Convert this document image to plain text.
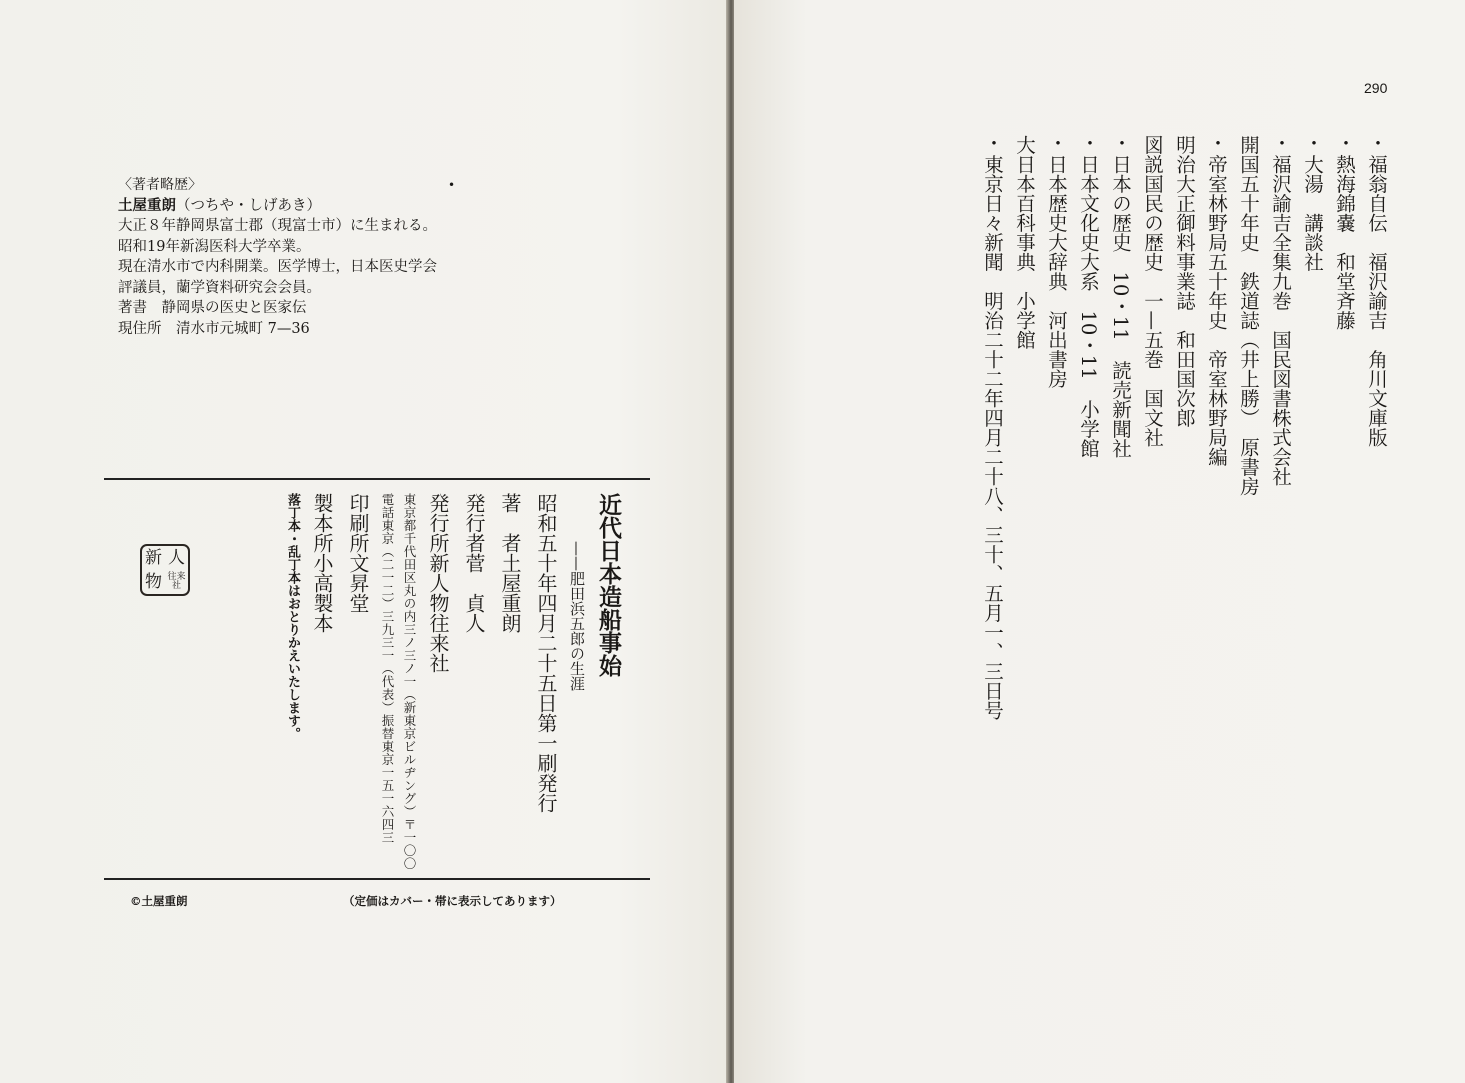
〈著者略歴〉
土屋重朗（つちや・しげあき）
大正８年静岡県富士郡（現富士市）に生まれる。
昭和19年新潟医科大学卒業。
現在清水市で内科開業。医学博士，日本医史学会
評議員，蘭学資料研究会会員。
著書　静岡県の医史と医家伝
現住所　清水市元城町 7—36
•
近代日本造船事始
——肥田浜五郎の生涯
昭和五十年四月二十五日第一刷発行
著　者土屋重朗
発行者菅　貞人
発行所新人物往来社
東京都千代田区丸の内三ノ三ノ一（新東京ビルヂング）〒一〇〇
電話東京（二一二）三九三一（代表）振替東京一五一六四三
印刷所文昇堂
製本所小高製本
落丁本・乱丁本はおとりかえいたします。
新 人
物 往来社
©土屋重朗	（定価はカバー・帯に表示してあります）
290
・福翁自伝　福沢諭吉　角川文庫版
・熱海錦嚢　和堂斉藤
・大湯　講談社
・福沢諭吉全集九巻　国民図書株式会社
開国五十年史　鉄道誌（井上勝）　原書房
・帝室林野局五十年史　帝室林野局編
明治大正御料事業誌　和田国次郎
図説国民の歴史　一—五巻　国文社
・日本の歴史　10・11　読売新聞社
・日本文化史大系　10・11　小学館
・日本歴史大辞典　河出書房
大日本百科事典　小学館
・東京日々新聞　明治二十二年四月二十八、三十、五月一、三日号
